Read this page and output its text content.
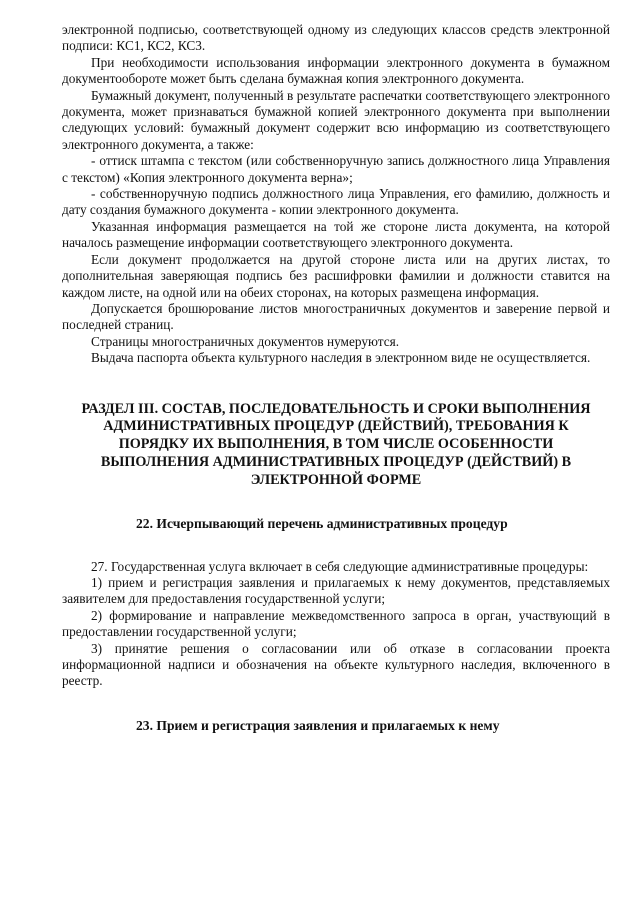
электронной подписью, соответствующей одному из следующих классов средств электронной подписи: КС1, КС2, КС3.

При необходимости использования информации электронного документа в бумажном документообороте может быть сделана бумажная копия электронного документа.

Бумажный документ, полученный в результате распечатки соответствующего электронного документа, может признаваться бумажной копией электронного документа при выполнении следующих условий: бумажный документ содержит всю информацию из соответствующего электронного документа, а также:

- оттиск штампа с текстом (или собственноручную запись должностного лица Управления с текстом) «Копия электронного документа верна»;

- собственноручную подпись должностного лица Управления, его фамилию, должность и дату создания бумажного документа - копии электронного документа.

Указанная информация размещается на той же стороне листа документа, на которой началось размещение информации соответствующего электронного документа.

Если документ продолжается на другой стороне листа или на других листах, то дополнительная заверяющая подпись без расшифровки фамилии и должности ставится на каждом листе, на одной или на обеих сторонах, на которых размещена информация.

Допускается брошюрование листов многостраничных документов и заверение первой и последней страниц.

Страницы многостраничных документов нумеруются.

Выдача паспорта объекта культурного наследия в электронном виде не осуществляется.

РАЗДЕЛ III. СОСТАВ, ПОСЛЕДОВАТЕЛЬНОСТЬ И СРОКИ ВЫПОЛНЕНИЯ АДМИНИСТРАТИВНЫХ ПРОЦЕДУР (ДЕЙСТВИЙ), ТРЕБОВАНИЯ К ПОРЯДКУ ИХ ВЫПОЛНЕНИЯ, В ТОМ ЧИСЛЕ ОСОБЕННОСТИ ВЫПОЛНЕНИЯ АДМИНИСТРАТИВНЫХ ПРОЦЕДУР (ДЕЙСТВИЙ) В ЭЛЕКТРОННОЙ ФОРМЕ
22. Исчерпывающий перечень административных процедур

27. Государственная услуга включает в себя следующие административные процедуры:

1) прием и регистрация заявления и прилагаемых к нему документов, представляемых заявителем для предоставления государственной услуги;

2) формирование и направление межведомственного запроса в орган, участвующий в предоставлении государственной услуги;

3) принятие решения о согласовании или об отказе в согласовании проекта информационной надписи и обозначения на объекте культурного наследия, включенного в реестр.

23. Прием и регистрация заявления и прилагаемых к нему
